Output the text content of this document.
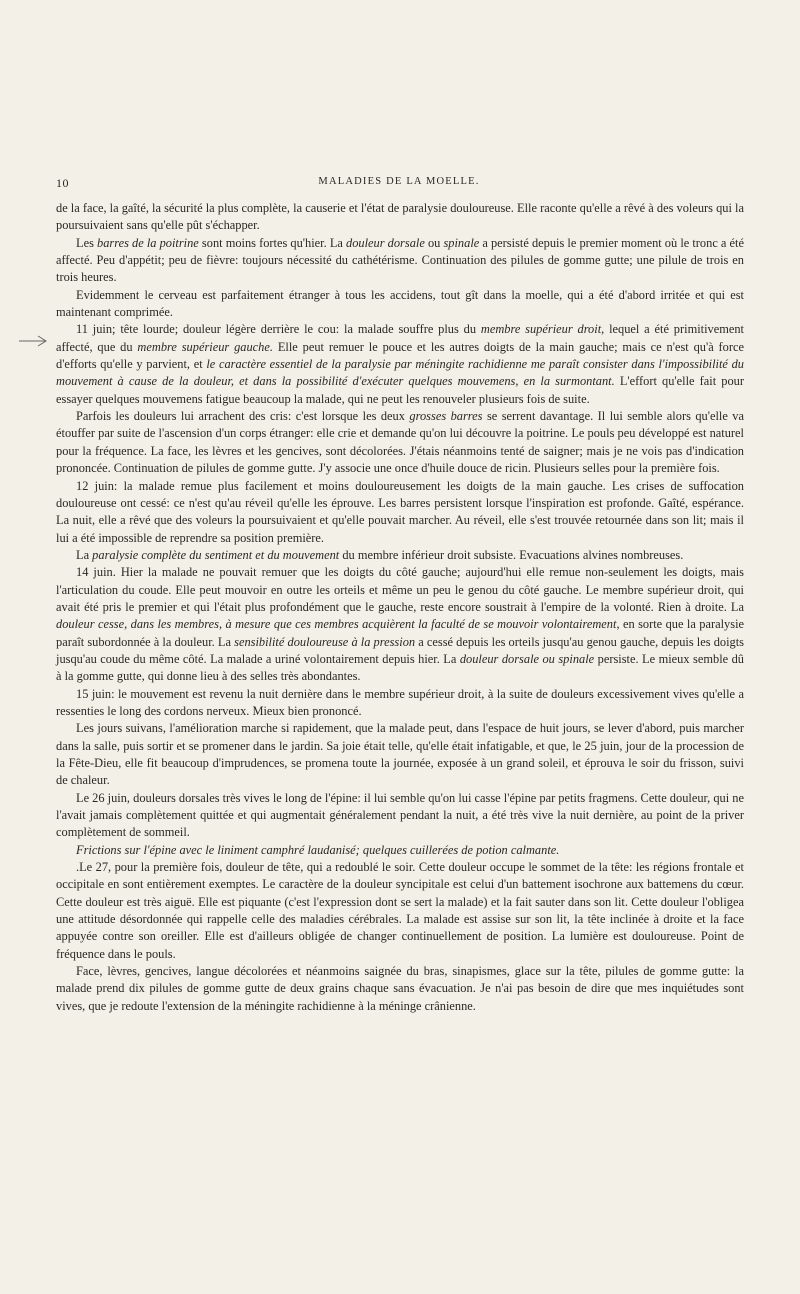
10	MALADIES DE LA MOELLE.

de la face, la gaîté, la sécurité la plus complète, la causerie et l'état de paralysie douloureuse. Elle raconte qu'elle a rêvé à des voleurs qui la poursuivaient sans qu'elle pût s'échapper.

Les barres de la poitrine sont moins fortes qu'hier. La douleur dorsale ou spinale a persisté depuis le premier moment où le tronc a été affecté. Peu d'appétit; peu de fièvre: toujours nécessité du cathétérisme. Continuation des pilules de gomme gutte; une pilule de trois en trois heures.

Evidemment le cerveau est parfaitement étranger à tous les accidens, tout gît dans la moelle, qui a été d'abord irritée et qui est maintenant comprimée.

11 juin; tête lourde; douleur légère derrière le cou: la malade souffre plus du membre supérieur droit, lequel a été primitivement affecté, que du membre supérieur gauche. Elle peut remuer le pouce et les autres doigts de la main gauche; mais ce n'est qu'à force d'efforts qu'elle y parvient, et le caractère essentiel de la paralysie par méningite rachidienne me paraît consister dans l'impossibilité du mouvement à cause de la douleur, et dans la possibilité d'exécuter quelques mouvemens, en la surmontant. L'effort qu'elle fait pour essayer quelques mouvemens fatigue beaucoup la malade, qui ne peut les renouveler plusieurs fois de suite.

Parfois les douleurs lui arrachent des cris: c'est lorsque les deux grosses barres se serrent davantage. Il lui semble alors qu'elle va étouffer par suite de l'ascension d'un corps étranger: elle crie et demande qu'on lui découvre la poitrine. Le pouls peu développé est naturel pour la fréquence. La face, les lèvres et les gencives, sont décolorées. J'étais néanmoins tenté de saigner; mais je ne vois pas d'indication prononcée. Continuation de pilules de gomme gutte. J'y associe une once d'huile douce de ricin. Plusieurs selles pour la première fois.

12 juin: la malade remue plus facilement et moins douloureusement les doigts de la main gauche. Les crises de suffocation douloureuse ont cessé: ce n'est qu'au réveil qu'elle les éprouve. Les barres persistent lorsque l'inspiration est profonde. Gaîté, espérance. La nuit, elle a rêvé que des voleurs la poursuivaient et qu'elle pouvait marcher. Au réveil, elle s'est trouvée retournée dans son lit; mais il lui a été impossible de reprendre sa position première.

La paralysie complète du sentiment et du mouvement du membre inférieur droit subsiste. Evacuations alvines nombreuses.

14 juin. Hier la malade ne pouvait remuer que les doigts du côté gauche; aujourd'hui elle remue non-seulement les doigts, mais l'articulation du coude. Elle peut mouvoir en outre les orteils et même un peu le genou du côté gauche. Le membre supérieur droit, qui avait été pris le premier et qui l'était plus profondément que le gauche, reste encore soustrait à l'empire de la volonté. Rien à droite. La douleur cesse, dans les membres, à mesure que ces membres acquièrent la faculté de se mouvoir volontairement, en sorte que la paralysie paraît subordonnée à la douleur. La sensibilité douloureuse à la pression a cessé depuis les orteils jusqu'au genou gauche, depuis les doigts jusqu'au coude du même côté. La malade a uriné volontairement depuis hier. La douleur dorsale ou spinale persiste. Le mieux semble dû à la gomme gutte, qui donne lieu à des selles très abondantes.

15 juin: le mouvement est revenu la nuit dernière dans le membre supérieur droit, à la suite de douleurs excessivement vives qu'elle a ressenties le long des cordons nerveux. Mieux bien prononcé.

Les jours suivans, l'amélioration marche si rapidement, que la malade peut, dans l'espace de huit jours, se lever d'abord, puis marcher dans la salle, puis sortir et se promener dans le jardin. Sa joie était telle, qu'elle était infatigable, et que, le 25 juin, jour de la procession de la Fête-Dieu, elle fit beaucoup d'imprudences, se promena toute la journée, exposée à un grand soleil, et éprouva le soir du frisson, suivi de chaleur.

Le 26 juin, douleurs dorsales très vives le long de l'épine: il lui semble qu'on lui casse l'épine par petits fragmens. Cette douleur, qui ne l'avait jamais complètement quittée et qui augmentait généralement pendant la nuit, a été très vive la nuit dernière, au point de la priver complètement de sommeil.

Frictions sur l'épine avec le liniment camphré laudanisé; quelques cuillerées de potion calmante.

.Le 27, pour la première fois, douleur de tête, qui a redoublé le soir. Cette douleur occupe le sommet de la tête: les régions frontale et occipitale en sont entièrement exemptes. Le caractère de la douleur syncipitale est celui d'un battement isochrone aux battemens du cœur. Cette douleur est très aiguë. Elle est piquante (c'est l'expression dont se sert la malade) et la fait sauter dans son lit. Cette douleur l'obligea une attitude désordonnée qui rappelle celle des maladies cérébrales. La malade est assise sur son lit, la tête inclinée à droite et la face appuyée contre son oreiller. Elle est d'ailleurs obligée de changer continuellement de position. La lumière est douloureuse. Point de fréquence dans le pouls.

Face, lèvres, gencives, langue décolorées et néanmoins saignée du bras, sinapismes, glace sur la tête, pilules de gomme gutte: la malade prend dix pilules de gomme gutte de deux grains chaque sans évacuation. Je n'ai pas besoin de dire que mes inquiétudes sont vives, que je redoute l'extension de la méningite rachidienne à la méninge crânienne.
